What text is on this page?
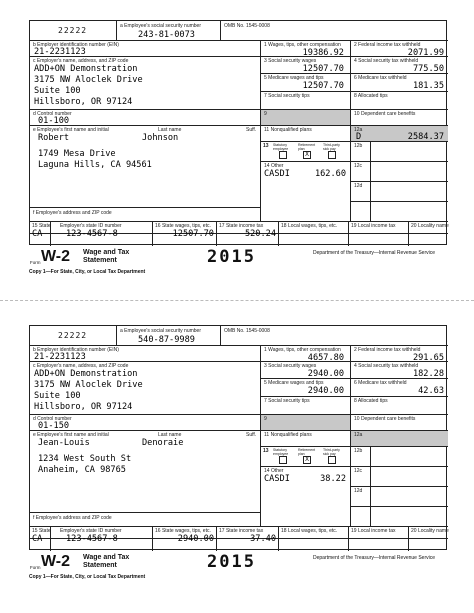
22222	a Employee's social security number
243-81-0073
OMB No. 1545-0008
b Employer identification number (EIN)
21-2231123
c Employer's name, address, and ZIP code
ADD+ON Demonstration
3175 NW Aloclek Drive
Suite 100
Hillsboro, OR 97124
d Control number
01-100
e Employee's first name and initial	Last name	Suff.
Robert	Johnson
1749 Mesa Drive
Laguna Hills, CA 94561
f Employee's address and ZIP code
1 Wages, tips, other compensation
19386.92
2 Federal income tax withheld
2071.99
3 Social security wages
12507.70
4 Social security tax withheld
775.50
5 Medicare wages and tips
12507.70
6 Medicare tax withheld
181.35
7 Social security tips	8 Allocated tips
9	10 Dependent care benefits
11 Nonqualified plans	12a
D	2584.37
13 Statutory employee
Retirement plan
Third-party sick pay
X
12b
14 Other
CASDI	162.60
12c
12d
15 State Employer's state ID number
CA	123-4567-8
16 State wages, tips, etc.
12507.70
17 State income tax
520.24
18 Local wages, tips, etc.	19 Local income tax	20 Locality name
Form W-2 Wage and Tax
Statement	2015	Department of the Treasury—Internal Revenue Service
Copy 1—For State, City, or Local Tax Department
22222	a Employee's social security number
540-87-9989
OMB No. 1545-0008
b Employer identification number (EIN)
21-2231123
c Employer's name, address, and ZIP code
ADD+ON Demonstration
3175 NW Aloclek Drive
Suite 100
Hillsboro, OR 97124
d Control number
01-150
e Employee's first name and initial	Last name	Suff.
Jean-Louis	Denoraie
1234 West South St
Anaheim, CA 98765
f Employee's address and ZIP code
1 Wages, tips, other compensation
4657.80
2 Federal income tax withheld
291.65
3 Social security wages
2940.00
4 Social security tax withheld
182.28
5 Medicare wages and tips
2940.00
6 Medicare tax withheld
42.63
7 Social security tips	8 Allocated tips
9	10 Dependent care benefits
11 Nonqualified plans	12a
13 Statutory employee
Retirement plan
Third-party sick pay
X
12b
14 Other
CASDI	38.22
12c
12d
15 State Employer's state ID number
CA	123-4567-8
16 State wages, tips, etc.
2940.00
17 State income tax
37.40
18 Local wages, tips, etc.	19 Local income tax	20 Locality name
Form W-2 Wage and Tax
Statement	2015	Department of the Treasury—Internal Revenue Service
Copy 1—For State, City, or Local Tax Department
